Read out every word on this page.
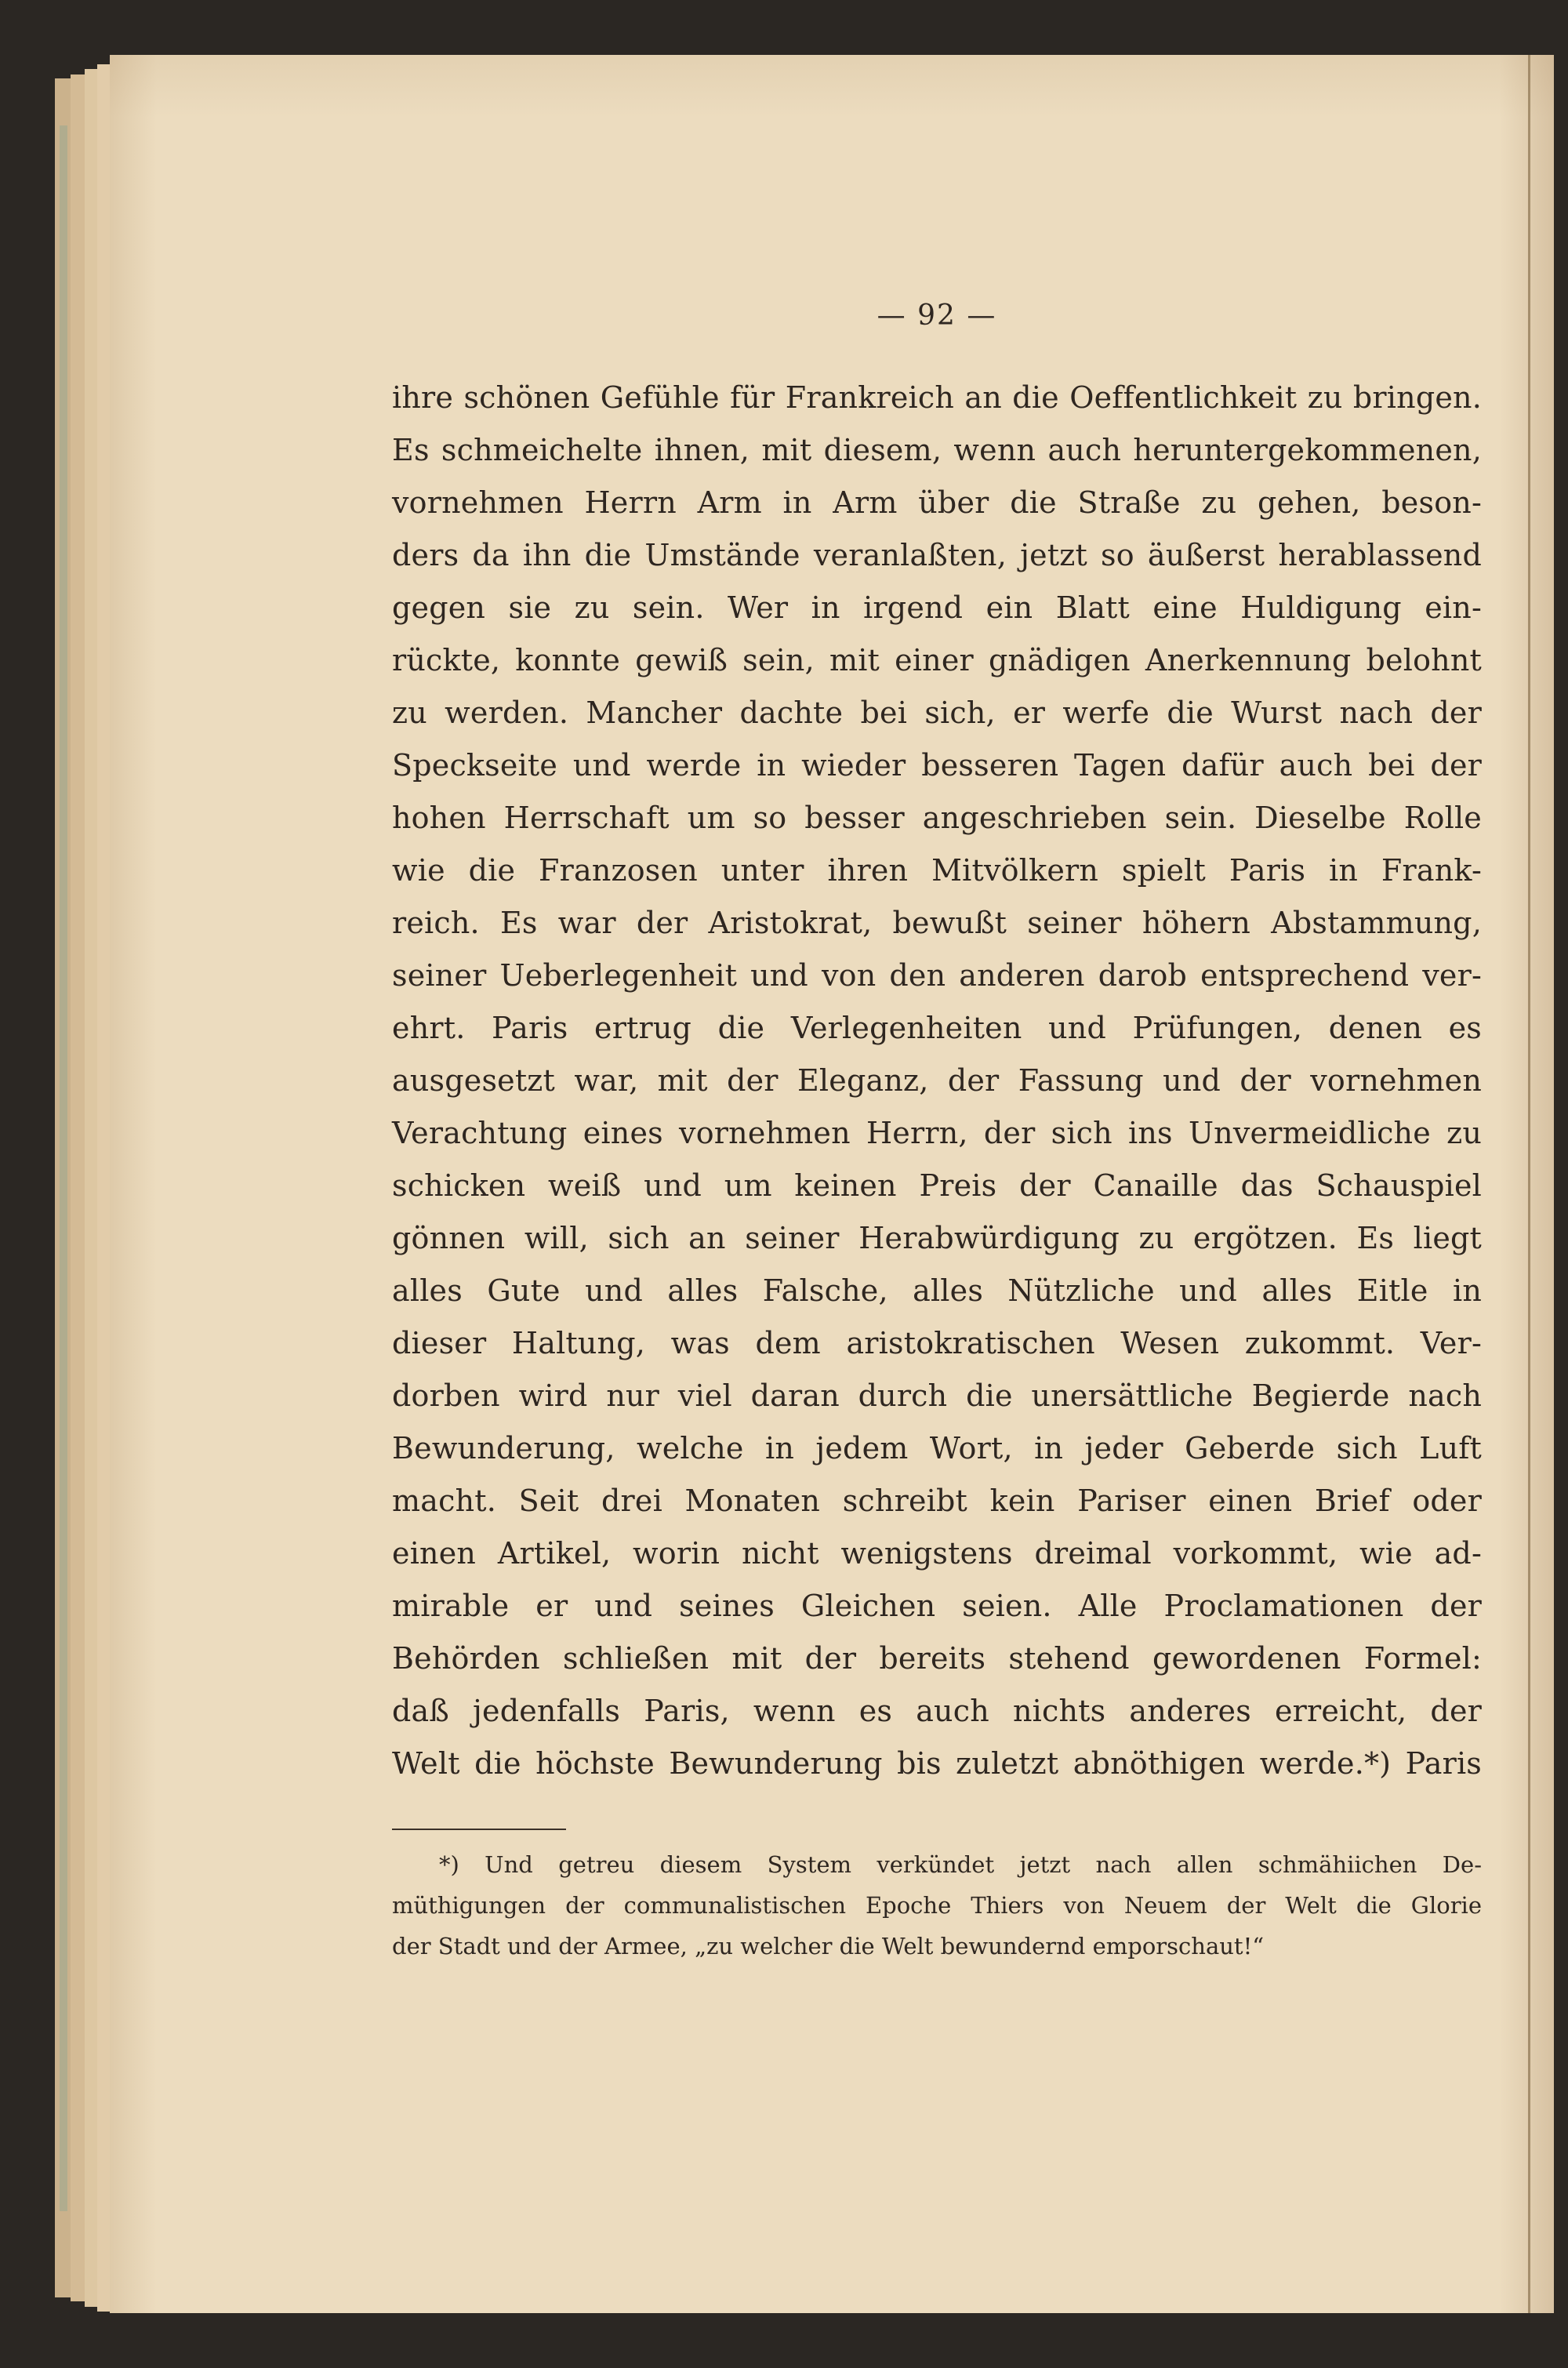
— 92 —
ihre schönen Gefühle für Frankreich an die Oeffentlichkeit zu bringen.
Es schmeichelte ihnen, mit diesem, wenn auch heruntergekommenen,
vornehmen Herrn Arm in Arm über die Straße zu gehen, beson-
ders da ihn die Umstände veranlaßten, jetzt so äußerst herablassend
gegen sie zu sein. Wer in irgend ein Blatt eine Huldigung ein-
rückte, konnte gewiß sein, mit einer gnädigen Anerkennung belohnt
zu werden. Mancher dachte bei sich, er werfe die Wurst nach der
Speckseite und werde in wieder besseren Tagen dafür auch bei der
hohen Herrschaft um so besser angeschrieben sein. Dieselbe Rolle
wie die Franzosen unter ihren Mitvölkern spielt Paris in Frank-
reich. Es war der Aristokrat, bewußt seiner höhern Abstammung,
seiner Ueberlegenheit und von den anderen darob entsprechend ver-
ehrt. Paris ertrug die Verlegenheiten und Prüfungen, denen es
ausgesetzt war, mit der Eleganz, der Fassung und der vornehmen
Verachtung eines vornehmen Herrn, der sich ins Unvermeidliche zu
schicken weiß und um keinen Preis der Canaille das Schauspiel
gönnen will, sich an seiner Herabwürdigung zu ergötzen. Es liegt
alles Gute und alles Falsche, alles Nützliche und alles Eitle in
dieser Haltung, was dem aristokratischen Wesen zukommt. Ver-
dorben wird nur viel daran durch die unersättliche Begierde nach
Bewunderung, welche in jedem Wort, in jeder Geberde sich Luft
macht. Seit drei Monaten schreibt kein Pariser einen Brief oder
einen Artikel, worin nicht wenigstens dreimal vorkommt, wie ad-
mirable er und seines Gleichen seien. Alle Proclamationen der
Behörden schließen mit der bereits stehend gewordenen Formel:
daß jedenfalls Paris, wenn es auch nichts anderes erreicht, der
Welt die höchste Bewunderung bis zuletzt abnöthigen werde.*) Paris
*) Und getreu diesem System verkündet jetzt nach allen schmähiichen De-
müthigungen der communalistischen Epoche Thiers von Neuem der Welt die Glorie
der Stadt und der Armee, „zu welcher die Welt bewundernd emporschaut!“
